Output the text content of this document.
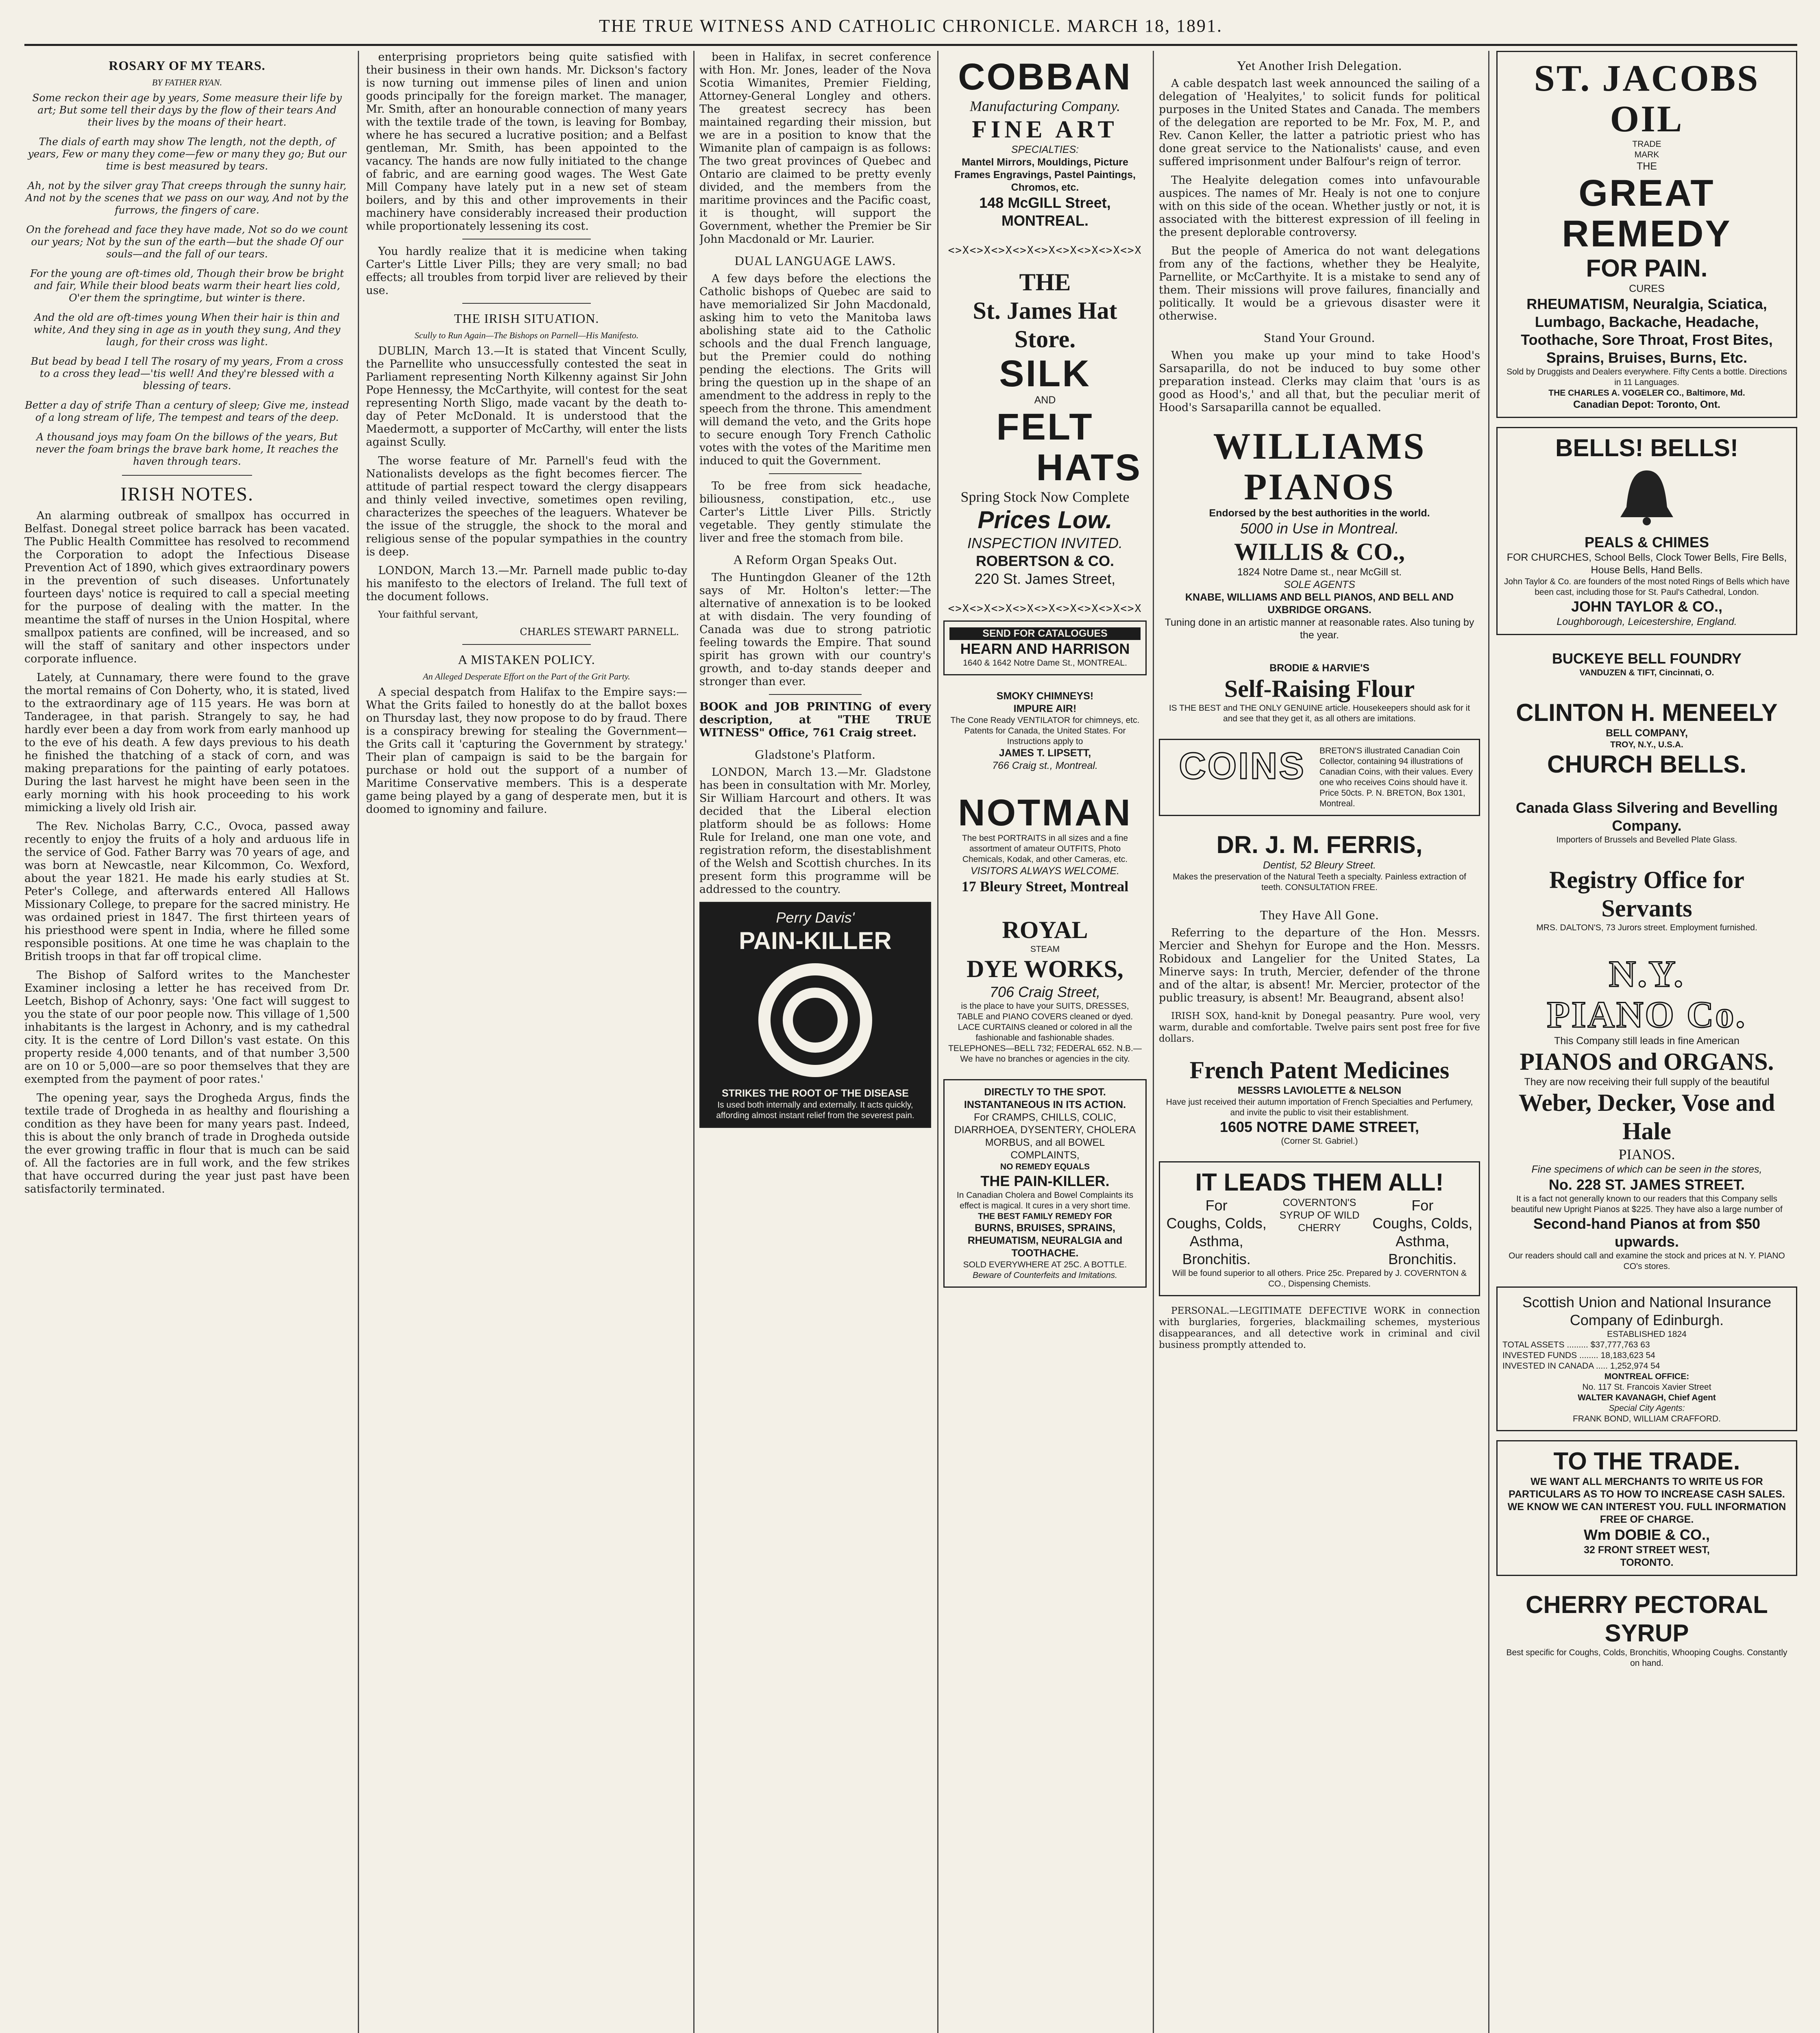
THE TRUE WITNESS AND CATHOLIC CHRONICLE. MARCH 18, 1891.
ROSARY OF MY TEARS.
BY FATHER RYAN.

Some reckon their age by years, Some measure their life by art; But some tell their days by the flow of their tears And their lives by the moans of their heart.

The dials of earth may show The length, not the depth, of years, Few or many they come—few or many they go; But our time is best measured by tears.

Ah, not by the silver gray That creeps through the sunny hair, And not by the scenes that we pass on our way, And not by the furrows, the fingers of care.

On the forehead and face they have made, Not so do we count our years; Not by the sun of the earth—but the shade Of our souls—and the fall of our tears.

For the young are oft-times old, Though their brow be bright and fair, While their blood beats warm their heart lies cold, O'er them the springtime, but winter is there.

And the old are oft-times young When their hair is thin and white, And they sing in age as in youth they sung, And they laugh, for their cross was light.

But bead by bead I tell The rosary of my years, From a cross to a cross they lead—'tis well! And they're blessed with a blessing of tears.

Better a day of strife Than a century of sleep; Give me, instead of a long stream of life, The tempest and tears of the deep.

A thousand joys may foam On the billows of the years, But never the foam brings the brave bark home, It reaches the haven through tears.

IRISH NOTES.

An alarming outbreak of smallpox has occurred in Belfast. Donegal street police barrack has been vacated. The Public Health Committee has resolved to recommend the Corporation to adopt the Infectious Disease Prevention Act of 1890, which gives extraordinary powers in the prevention of such diseases. Unfortunately fourteen days' notice is required to call a special meeting for the purpose of dealing with the matter. In the meantime the staff of nurses in the Union Hospital, where smallpox patients are confined, will be increased, and so will the staff of sanitary and other inspectors under corporate influence.

Lately, at Cunnamary, there were found to the grave the mortal remains of Con Doherty, who, it is stated, lived to the extraordinary age of 115 years. He was born at Tanderagee, in that parish. Strangely to say, he had hardly ever been a day from work from early manhood up to the eve of his death. A few days previous to his death he finished the thatching of a stack of corn, and was making preparations for the painting of early potatoes. During the last harvest he might have been seen in the early morning with his hook proceeding to his work mimicking a lively old Irish air.

The Rev. Nicholas Barry, C.C., Ovoca, passed away recently to enjoy the fruits of a holy and arduous life in the service of God. Father Barry was 70 years of age, and was born at Newcastle, near Kilcommon, Co. Wexford, about the year 1821. He made his early studies at St. Peter's College, and afterwards entered All Hallows Missionary College, to prepare for the sacred ministry. He was ordained priest in 1847. The first thirteen years of his priesthood were spent in India, where he filled some responsible positions. At one time he was chaplain to the British troops in that far off tropical clime.

The Bishop of Salford writes to the Manchester Examiner inclosing a letter he has received from Dr. Leetch, Bishop of Achonry, says: 'One fact will suggest to you the state of our poor people now. This village of 1,500 inhabitants is the largest in Achonry, and is my cathedral city. It is the centre of Lord Dillon's vast estate. On this property reside 4,000 tenants, and of that number 3,500 are on 10 or 5,000—are so poor themselves that they are exempted from the payment of poor rates.'

The opening year, says the Drogheda Argus, finds the textile trade of Drogheda in as healthy and flourishing a condition as they have been for many years past. Indeed, this is about the only branch of trade in Drogheda outside the ever growing traffic in flour that is much can be said of. All the factories are in full work, and the few strikes that have occurred during the year just past have been satisfactorily terminated.

enterprising proprietors being quite satisfied with their business in their own hands. Mr. Dickson's factory is now turning out immense piles of linen and union goods principally for the foreign market. The manager, Mr. Smith, after an honourable connection of many years with the textile trade of the town, is leaving for Bombay, where he has secured a lucrative position; and a Belfast gentleman, Mr. Smith, has been appointed to the vacancy. The hands are now fully initiated to the change of fabric, and are earning good wages. The West Gate Mill Company have lately put in a new set of steam boilers, and by this and other improvements in their machinery have considerably increased their production while proportionately lessening its cost.

You hardly realize that it is medicine when taking Carter's Little Liver Pills; they are very small; no bad effects; all troubles from torpid liver are relieved by their use.

THE IRISH SITUATION.
Scully to Run Again—The Bishops on Parnell—His Manifesto.

DUBLIN, March 13.—It is stated that Vincent Scully, the Parnellite who unsuccessfully contested the seat in Parliament representing North Kilkenny against Sir John Pope Hennessy, the McCarthyite, will contest for the seat representing North Sligo, made vacant by the death to-day of Peter McDonald. It is understood that the Maedermott, a supporter of McCarthy, will enter the lists against Scully.

The worse feature of Mr. Parnell's feud with the Nationalists develops as the fight becomes fiercer. The attitude of partial respect toward the clergy disappears and thinly veiled invective, sometimes open reviling, characterizes the speeches of the leaguers. Whatever be the issue of the struggle, the shock to the moral and religious sense of the popular sympathies in the country is deep.

LONDON, March 13.—Mr. Parnell made public to-day his manifesto to the electors of Ireland. The full text of the document follows.

Your faithful servant,

CHARLES STEWART PARNELL.
A MISTAKEN POLICY.
An Alleged Desperate Effort on the Part of the Grit Party.

A special despatch from Halifax to the Empire says:—What the Grits failed to honestly do at the ballot boxes on Thursday last, they now propose to do by fraud. There is a conspiracy brewing for stealing the Government—the Grits call it 'capturing the Government by strategy.' Their plan of campaign is said to be the bargain for purchase or hold out the support of a number of Maritime Conservative members. This is a desperate game being played by a gang of desperate men, but it is doomed to ignominy and failure.

been in Halifax, in secret conference with Hon. Mr. Jones, leader of the Nova Scotia Wimanites, Premier Fielding, Attorney-General Longley and others. The greatest secrecy has been maintained regarding their mission, but we are in a position to know that the Wimanite plan of campaign is as follows: The two great provinces of Quebec and Ontario are claimed to be pretty evenly divided, and the members from the maritime provinces and the Pacific coast, it is thought, will support the Government, whether the Premier be Sir John Macdonald or Mr. Laurier.

DUAL LANGUAGE LAWS.

A few days before the elections the Catholic bishops of Quebec are said to have memorialized Sir John Macdonald, asking him to veto the Manitoba laws abolishing state aid to the Catholic schools and the dual French language, but the Premier could do nothing pending the elections. The Grits will bring the question up in the shape of an amendment to the address in reply to the speech from the throne. This amendment will demand the veto, and the Grits hope to secure enough Tory French Catholic votes with the votes of the Maritime men induced to quit the Government.

To be free from sick headache, biliousness, constipation, etc., use Carter's Little Liver Pills. Strictly vegetable. They gently stimulate the liver and free the stomach from bile.

A Reform Organ Speaks Out.

The Huntingdon Gleaner of the 12th says of Mr. Holton's letter:—The alternative of annexation is to be looked at with disdain. The very founding of Canada was due to strong patriotic feeling towards the Empire. That sound spirit has grown with our country's growth, and to-day stands deeper and stronger than ever.

BOOK and JOB PRINTING of every description, at "THE TRUE WITNESS" Office, 761 Craig street.

Gladstone's Platform.

LONDON, March 13.—Mr. Gladstone has been in consultation with Mr. Morley, Sir William Harcourt and others. It was decided that the Liberal election platform should be as follows: Home Rule for Ireland, one man one vote, and registration reform, the disestablishment of the Welsh and Scottish churches. In its present form this programme will be addressed to the country.

Perry Davis'
PAIN-KILLER
STRIKES THE ROOT OF THE DISEASE
Is used both internally and externally. It acts quickly, affording almost instant relief from the severest pain.
COBBAN
Manufacturing Company.
FINE ART
SPECIALTIES:
Mantel Mirrors, Mouldings, Picture Frames Engravings, Pastel Paintings, Chromos, etc.
148 McGILL Street, MONTREAL.
<>X<>X<>X<>X<>X<>X<>X<>X<>X
THE
St. James Hat Store.
SILK
AND
FELT
HATS
Spring Stock Now Complete
Prices Low.
INSPECTION INVITED.
ROBERTSON & CO.
220 St. James Street,
<>X<>X<>X<>X<>X<>X<>X<>X<>X
SEND FOR CATALOGUES
HEARN AND HARRISON
1640 & 1642 Notre Dame St., MONTREAL.
SMOKY CHIMNEYS!
IMPURE AIR!
The Cone Ready VENTILATOR for chimneys, etc. Patents for Canada, the United States. For Instructions apply to
JAMES T. LIPSETT,
766 Craig st., Montreal.
NOTMAN
The best PORTRAITS in all sizes and a fine assortment of amateur OUTFITS, Photo Chemicals, Kodak, and other Cameras, etc.
VISITORS ALWAYS WELCOME.
17 Bleury Street, Montreal
ROYAL
STEAM
DYE WORKS,
706 Craig Street,
is the place to have your SUITS, DRESSES, TABLE and PIANO COVERS cleaned or dyed. LACE CURTAINS cleaned or colored in all the fashionable and fashionable shades. TELEPHONES—BELL 732; FEDERAL 652. N.B.—We have no branches or agencies in the city.
DIRECTLY TO THE SPOT.
INSTANTANEOUS IN ITS ACTION.
For CRAMPS, CHILLS, COLIC, DIARRHOEA, DYSENTERY, CHOLERA MORBUS, and all BOWEL COMPLAINTS,
NO REMEDY EQUALS
THE PAIN-KILLER.
In Canadian Cholera and Bowel Complaints its effect is magical. It cures in a very short time.
THE BEST FAMILY REMEDY FOR
BURNS, BRUISES, SPRAINS, RHEUMATISM, NEURALGIA and TOOTHACHE.
SOLD EVERYWHERE AT 25C. A BOTTLE.
Beware of Counterfeits and Imitations.
Yet Another Irish Delegation.

A cable despatch last week announced the sailing of a delegation of 'Healyites,' to solicit funds for political purposes in the United States and Canada. The members of the delegation are reported to be Mr. Fox, M. P., and Rev. Canon Keller, the latter a patriotic priest who has done great service to the Nationalists' cause, and even suffered imprisonment under Balfour's reign of terror.

The Healyite delegation comes into unfavourable auspices. The names of Mr. Healy is not one to conjure with on this side of the ocean. Whether justly or not, it is associated with the bitterest expression of ill feeling in the present deplorable controversy.

But the people of America do not want delegations from any of the factions, whether they be Healyite, Parnellite, or McCarthyite. It is a mistake to send any of them. Their missions will prove failures, financially and politically. It would be a grievous disaster were it otherwise.

Stand Your Ground.

When you make up your mind to take Hood's Sarsaparilla, do not be induced to buy some other preparation instead. Clerks may claim that 'ours is as good as Hood's,' and all that, but the peculiar merit of Hood's Sarsaparilla cannot be equalled.

WILLIAMS
PIANOS
Endorsed by the best authorities in the world.
5000 in Use in Montreal.
WILLIS & CO.,
1824 Notre Dame st., near McGill st.
SOLE AGENTS
KNABE, WILLIAMS AND BELL PIANOS, AND BELL AND UXBRIDGE ORGANS.
Tuning done in an artistic manner at reasonable rates. Also tuning by the year.
BRODIE & HARVIE'S
Self-Raising Flour
IS THE BEST and THE ONLY GENUINE article. Housekeepers should ask for it and see that they get it, as all others are imitations.
COINS	BRETON'S illustrated Canadian Coin Collector, containing 94 illustrations of Canadian Coins, with their values. Every one who receives Coins should have it. Price 50cts. P. N. BRETON, Box 1301, Montreal.
DR. J. M. FERRIS,
Dentist, 52 Bleury Street.
Makes the preservation of the Natural Teeth a specialty. Painless extraction of teeth. CONSULTATION FREE.
They Have All Gone.

Referring to the departure of the Hon. Messrs. Mercier and Shehyn for Europe and the Hon. Messrs. Robidoux and Langelier for the United States, La Minerve says: In truth, Mercier, defender of the throne and of the altar, is absent! Mr. Mercier, protector of the public treasury, is absent! Mr. Beaugrand, absent also!

IRISH SOX, hand-knit by Donegal peasantry. Pure wool, very warm, durable and comfortable. Twelve pairs sent post free for five dollars.

French Patent Medicines
MESSRS LAVIOLETTE & NELSON
Have just received their autumn importation of French Specialties and Perfumery, and invite the public to visit their establishment.
1605 NOTRE DAME STREET,
(Corner St. Gabriel.)
IT LEADS THEM ALL!
For
Coughs, Colds, Asthma, Bronchitis.
COVERNTON'S SYRUP OF WILD CHERRY
For
Coughs, Colds, Asthma, Bronchitis.
Will be found superior to all others. Price 25c. Prepared by J. COVERNTON & CO., Dispensing Chemists.

PERSONAL.—LEGITIMATE DEFECTIVE WORK in connection with burglaries, forgeries, blackmailing schemes, mysterious disappearances, and all detective work in criminal and civil business promptly attended to.

ST. JACOBS OIL
TRADE
MARK
THE
GREAT REMEDY
FOR PAIN.
CURES
RHEUMATISM, Neuralgia, Sciatica, Lumbago, Backache, Headache, Toothache, Sore Throat, Frost Bites, Sprains, Bruises, Burns, Etc.
Sold by Druggists and Dealers everywhere. Fifty Cents a bottle. Directions in 11 Languages.
THE CHARLES A. VOGELER CO., Baltimore, Md.
Canadian Depot: Toronto, Ont.
BELLS! BELLS!
PEALS & CHIMES
FOR CHURCHES, School Bells, Clock Tower Bells, Fire Bells, House Bells, Hand Bells.
John Taylor & Co. are founders of the most noted Rings of Bells which have been cast, including those for St. Paul's Cathedral, London.
JOHN TAYLOR & CO.,
Loughborough, Leicestershire, England.
BUCKEYE BELL FOUNDRY
VANDUZEN & TIFT, Cincinnati, O.
CLINTON H. MENEELY
BELL COMPANY,
TROY, N.Y., U.S.A.
CHURCH BELLS.
Canada Glass Silvering and Bevelling Company.
Importers of Brussels and Bevelled Plate Glass.
Registry Office for Servants
MRS. DALTON'S, 73 Jurors street. Employment furnished.
N.Y.
PIANO Co.
This Company still leads in fine American
PIANOS and ORGANS.
They are now receiving their full supply of the beautiful
Weber, Decker, Vose and Hale
PIANOS.
Fine specimens of which can be seen in the stores,
No. 228 ST. JAMES STREET.
It is a fact not generally known to our readers that this Company sells beautiful new Upright Pianos at $225. They have also a large number of
Second-hand Pianos at from $50 upwards.
Our readers should call and examine the stock and prices at N. Y. PIANO CO's stores.
Scottish Union and National Insurance Company of Edinburgh.
ESTABLISHED 1824
TOTAL ASSETS ......... $37,777,763 63
INVESTED FUNDS ........ 18,183,623 54
INVESTED IN CANADA ..... 1,252,974 54
MONTREAL OFFICE:
No. 117 St. Francois Xavier Street
WALTER KAVANAGH, Chief Agent
Special City Agents:
FRANK BOND, WILLIAM CRAFFORD.
TO THE TRADE.
WE WANT ALL MERCHANTS TO WRITE US FOR PARTICULARS AS TO HOW TO INCREASE CASH SALES. WE KNOW WE CAN INTEREST YOU. FULL INFORMATION FREE OF CHARGE.
Wm DOBIE & CO.,
32 FRONT STREET WEST,
TORONTO.
CHERRY PECTORAL SYRUP
Best specific for Coughs, Colds, Bronchitis, Whooping Coughs. Constantly on hand.
